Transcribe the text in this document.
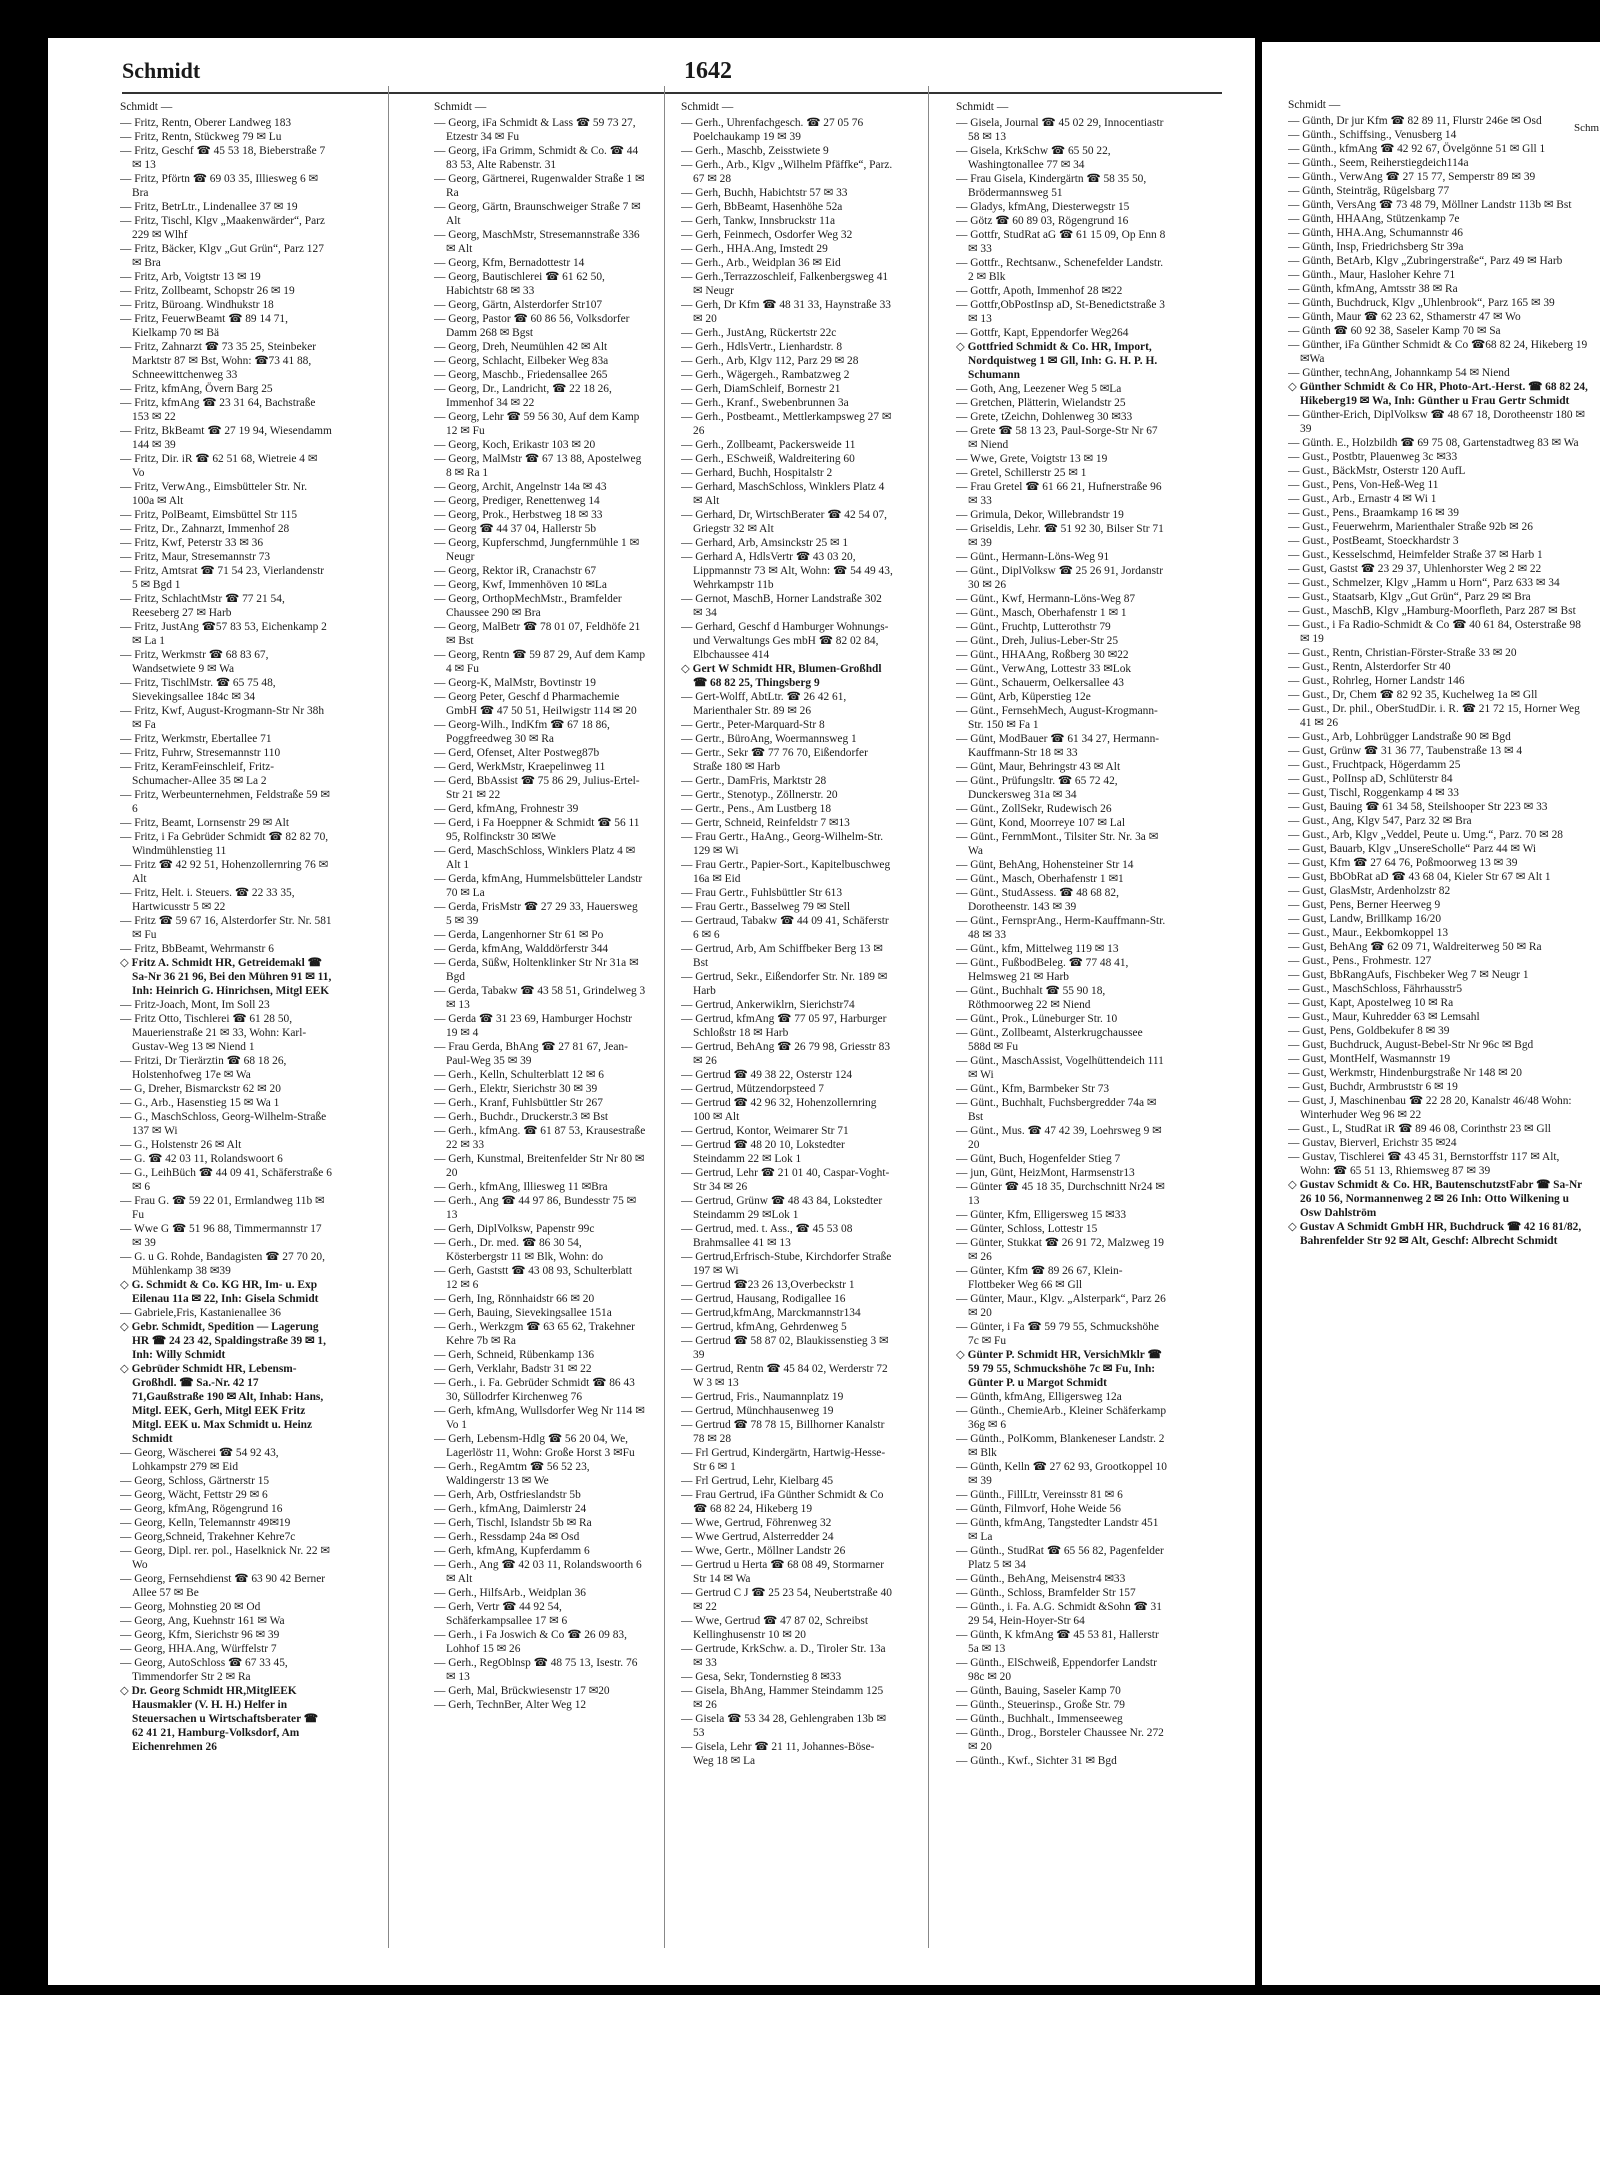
Schmidt	1642
Schmidt —
— Fritz, Rentn, Oberer Landweg 183
— Fritz, Rentn, Stückweg 79 ✉ Lu
— Fritz, Geschf ☎ 45 53 18, Bieberstraße 7 ✉ 13
— Fritz, Pförtn ☎ 69 03 35, Illiesweg 6 ✉ Bra
— Fritz, BetrLtr., Lindenallee 37 ✉ 19
— Fritz, Tischl, Klgv „Maakenwärder“, Parz 229 ✉ Wlhf
— Fritz, Bäcker, Klgv „Gut Grün“, Parz 127 ✉ Bra
— Fritz, Arb, Voigtstr 13 ✉ 19
— Fritz, Zollbeamt, Schopstr 26 ✉ 19
— Fritz, Büroang. Windhukstr 18
— Fritz, FeuerwBeamt ☎ 89 14 71, Kielkamp 70 ✉ Bä
— Fritz, Zahnarzt ☎ 73 35 25, Steinbeker Marktstr 87 ✉ Bst, Wohn: ☎73 41 88, Schneewittchenweg 33
— Fritz, kfmAng, Övern Barg 25
— Fritz, kfmAng ☎ 23 31 64, Bachstraße 153 ✉ 22
— Fritz, BkBeamt ☎ 27 19 94, Wiesendamm 144 ✉ 39
— Fritz, Dir. iR ☎ 62 51 68, Wietreie 4 ✉ Vo
— Fritz, VerwAng., Eimsbütteler Str. Nr. 100a ✉ Alt
— Fritz, PolBeamt, Eimsbüttel Str 115
— Fritz, Dr., Zahnarzt, Immenhof 28
— Fritz, Kwf, Peterstr 33 ✉ 36
— Fritz, Maur, Stresemannstr 73
— Fritz, Amtsrat ☎ 71 54 23, Vierlandenstr 5 ✉ Bgd 1
— Fritz, SchlachtMstr ☎ 77 21 54, Reeseberg 27 ✉ Harb
— Fritz, JustAng ☎57 83 53, Eichenkamp 2 ✉ La 1
— Fritz, Werkmstr ☎ 68 83 67, Wandsetwiete 9 ✉ Wa
— Fritz, TischlMstr. ☎ 65 75 48, Sievekingsallee 184c ✉ 34
— Fritz, Kwf, August-Krogmann-Str Nr 38h ✉ Fa
— Fritz, Werkmstr, Ebertallee 71
— Fritz, Fuhrw, Stresemannstr 110
— Fritz, KeramFeinschleif, Fritz-Schumacher-Allee 35 ✉ La 2
— Fritz, Werbeunternehmen, Feldstraße 59 ✉ 6
— Fritz, Beamt, Lornsenstr 29 ✉ Alt
— Fritz, i Fa Gebrüder Schmidt ☎ 82 82 70, Windmühlenstieg 11
— Fritz ☎ 42 92 51, Hohenzollernring 76 ✉ Alt
— Fritz, Helt. i. Steuers. ☎ 22 33 35, Hartwicusstr 5 ✉ 22
— Fritz ☎ 59 67 16, Alsterdorfer Str. Nr. 581 ✉ Fu
— Fritz, BbBeamt, Wehrmanstr 6
◇ Fritz A. Schmidt HR, Getreidemakl ☎ Sa-Nr 36 21 96, Bei den Mühren 91 ✉ 11, Inh: Heinrich G. Hinrichsen, Mitgl EEK
— Fritz-Joach, Mont, Im Soll 23
— Fritz Otto, Tischlerei ☎ 61 28 50, Mauerienstraße 21 ✉ 33, Wohn: Karl-Gustav-Weg 13 ✉ Niend 1
— Fritzi, Dr Tierärztin ☎ 68 18 26, Holstenhofweg 17e ✉ Wa
— G, Dreher, Bismarckstr 62 ✉ 20
— G., Arb., Hasenstieg 15 ✉ Wa 1
— G., MaschSchloss, Georg-Wilhelm-Straße 137 ✉ Wi
— G., Holstenstr 26 ✉ Alt
— G. ☎ 42 03 11, Rolandswoort 6
— G., LeihBüch ☎ 44 09 41, Schäferstraße 6 ✉ 6
— Frau G. ☎ 59 22 01, Ermlandweg 11b ✉ Fu
— Wwe G ☎ 51 96 88, Timmermannstr 17 ✉ 39
— G. u G. Rohde, Bandagisten ☎ 27 70 20, Mühlenkamp 38 ✉39
◇ G. Schmidt & Co. KG HR, Im- u. Exp Eilenau 11a ✉ 22, Inh: Gisela Schmidt
— Gabriele,Fris, Kastanienallee 36
◇ Gebr. Schmidt, Spedition — Lagerung HR ☎ 24 23 42, Spaldingstraße 39 ✉ 1, Inh: Willy Schmidt
◇ Gebrüder Schmidt HR, Lebensm-Großhdl. ☎ Sa.-Nr. 42 17 71,Gaußstraße 190 ✉ Alt, Inhab: Hans, Mitgl. EEK, Gerh, Mitgl EEK Fritz Mitgl. EEK u. Max Schmidt u. Heinz Schmidt
— Georg, Wäscherei ☎ 54 92 43, Lohkampstr 279 ✉ Eid
— Georg, Schloss, Gärtnerstr 15
— Georg, Wächt, Fettstr 29 ✉ 6
— Georg, kfmAng, Rögengrund 16
— Georg, Kelln, Telemannstr 49✉19
— Georg,Schneid, Trakehner Kehre7c
— Georg, Dipl. rer. pol., Haselknick Nr. 22 ✉ Wo
— Georg, Fernsehdienst ☎ 63 90 42 Berner Allee 57 ✉ Be
— Georg, Mohnstieg 20 ✉ Od
— Georg, Ang, Kuehnstr 161 ✉ Wa
— Georg, Kfm, Sierichstr 96 ✉ 39
— Georg, HHA.Ang, Würffelstr 7
— Georg, AutoSchloss ☎ 67 33 45, Timmendorfer Str 2 ✉ Ra
◇ Dr. Georg Schmidt HR,MitglEEK Hausmakler (V. H. H.) Helfer in Steuersachen u Wirtschaftsberater ☎ 62 41 21, Hamburg-Volksdorf, Am Eichenrehmen 26
Schmidt —
— Georg, iFa Schmidt & Lass ☎ 59 73 27, Etzestr 34 ✉ Fu
— Georg, iFa Grimm, Schmidt & Co. ☎ 44 83 53, Alte Rabenstr. 31
— Georg, Gärtnerei, Rugenwalder Straße 1 ✉ Ra
— Georg, Gärtn, Braunschweiger Straße 7 ✉ Alt
— Georg, MaschMstr, Stresemannstraße 336 ✉ Alt
— Georg, Kfm, Bernadottestr 14
— Georg, Bautischlerei ☎ 61 62 50, Habichtstr 68 ✉ 33
— Georg, Gärtn, Alsterdorfer Str107
— Georg, Pastor ☎ 60 86 56, Volksdorfer Damm 268 ✉ Bgst
— Georg, Dreh, Neumühlen 42 ✉ Alt
— Georg, Schlacht, Eilbeker Weg 83a
— Georg, Maschb., Friedensallee 265
— Georg, Dr., Landricht, ☎ 22 18 26, Immenhof 34 ✉ 22
— Georg, Lehr ☎ 59 56 30, Auf dem Kamp 12 ✉ Fu
— Georg, Koch, Erikastr 103 ✉ 20
— Georg, MalMstr ☎ 67 13 88, Apostelweg 8 ✉ Ra 1
— Georg, Archit, Angelnstr 14a ✉ 43
— Georg, Prediger, Renettenweg 14
— Georg, Prok., Herbstweg 18 ✉ 33
— Georg ☎ 44 37 04, Hallerstr 5b
— Georg, Kupferschmd, Jungfernmühle 1 ✉ Neugr
— Georg, Rektor iR, Cranachstr 67
— Georg, Kwf, Immenhöven 10 ✉La
— Georg, OrthopMechMstr., Bramfelder Chaussee 290 ✉ Bra
— Georg, MalBetr ☎ 78 01 07, Feldhöfe 21 ✉ Bst
— Georg, Rentn ☎ 59 87 29, Auf dem Kamp 4 ✉ Fu
— Georg-K, MalMstr, Bovtinstr 19
— Georg Peter, Geschf d Pharmachemie GmbH ☎ 47 50 51, Heilwigstr 114 ✉ 20
— Georg-Wilh., IndKfm ☎ 67 18 86, Poggfreedweg 30 ✉ Ra
— Gerd, Ofenset, Alter Postweg87b
— Gerd, WerkMstr, Kraepelinweg 11
— Gerd, BbAssist ☎ 75 86 29, Julius-Ertel-Str 21 ✉ 22
— Gerd, kfmAng, Frohnestr 39
— Gerd, i Fa Hoeppner & Schmidt ☎ 56 11 95, Rolfinckstr 30 ✉We
— Gerd, MaschSchloss, Winklers Platz 4 ✉ Alt 1
— Gerda, kfmAng, Hummelsbütteler Landstr 70 ✉ La
— Gerda, FrisMstr ☎ 27 29 33, Hauersweg 5 ✉ 39
— Gerda, Langenhorner Str 61 ✉ Po
— Gerda, kfmAng, Walddörferstr 344
— Gerda, Süßw, Holtenklinker Str Nr 31a ✉ Bgd
— Gerda, Tabakw ☎ 43 58 51, Grindelweg 3 ✉ 13
— Gerda ☎ 31 23 69, Hamburger Hochstr 19 ✉ 4
— Frau Gerda, BhAng ☎ 27 81 67, Jean-Paul-Weg 35 ✉ 39
— Gerh., Kelln, Schulterblatt 12 ✉ 6
— Gerh., Elektr, Sierichstr 30 ✉ 39
— Gerh., Kranf, Fuhlsbüttler Str 267
— Gerh., Buchdr., Druckerstr.3 ✉ Bst
— Gerh., kfmAng. ☎ 61 87 53, Krausestraße 22 ✉ 33
— Gerh, Kunstmal, Breitenfelder Str Nr 80 ✉ 20
— Gerh., kfmAng, Illiesweg 11 ✉Bra
— Gerh., Ang ☎ 44 97 86, Bundesstr 75 ✉ 13
— Gerh, DiplVolksw, Papenstr 99c
— Gerh., Dr. med. ☎ 86 30 54, Kösterbergstr 11 ✉ Blk, Wohn: do
— Gerh, Gaststt ☎ 43 08 93, Schulterblatt 12 ✉ 6
— Gerh, Ing, Rönnhaidstr 66 ✉ 20
— Gerh, Bauing, Sievekingsallee 151a
— Gerh., Werkzgm ☎ 63 65 62, Trakehner Kehre 7b ✉ Ra
— Gerh, Schneid, Rübenkamp 136
— Gerh, Verklahr, Badstr 31 ✉ 22
— Gerh., i. Fa. Gebrüder Schmidt ☎ 86 43 30, Süllodrfer Kirchenweg 76
— Gerh, kfmAng, Wullsdorfer Weg Nr 114 ✉ Vo 1
— Gerh, Lebensm-Hdlg ☎ 56 20 04, We, Lagerlöstr 11, Wohn: Große Horst 3 ✉Fu
— Gerh., RegAmtm ☎ 56 52 23, Waldingerstr 13 ✉ We
— Gerh, Arb, Ostfrieslandstr 5b
— Gerh., kfmAng, Daimlerstr 24
— Gerh, Tischl, Islandstr 5b ✉ Ra
— Gerh., Ressdamp 24a ✉ Osd
— Gerh, kfmAng, Kupferdamm 6
— Gerh., Ang ☎ 42 03 11, Rolandswoorth 6 ✉ Alt
— Gerh., HilfsArb., Weidplan 36
— Gerh, Vertr ☎ 44 92 54, Schäferkampsallee 17 ✉ 6
— Gerh., i Fa Joswich & Co ☎ 26 09 83, Lohhof 15 ✉ 26
— Gerh., RegOblnsp ☎ 48 75 13, Isestr. 76 ✉ 13
— Gerh, Mal, Brückwiesenstr 17 ✉20
— Gerh, TechnBer, Alter Weg 12
Schmidt —
— Gerh., Uhrenfachgesch. ☎ 27 05 76 Poelchaukamp 19 ✉ 39
— Gerh., Maschb, Zeisstwiete 9
— Gerh., Arb., Klgv „Wilhelm Pfäffke“, Parz. 67 ✉ 28
— Gerh, Buchh, Habichtstr 57 ✉ 33
— Gerh, BbBeamt, Hasenhöhe 52a
— Gerh, Tankw, Innsbruckstr 11a
— Gerh, Feinmech, Osdorfer Weg 32
— Gerh., HHA.Ang, Imstedt 29
— Gerh., Arb., Weidplan 36 ✉ Eid
— Gerh.,Terrazzoschleif, Falkenbergsweg 41 ✉ Neugr
— Gerh, Dr Kfm ☎ 48 31 33, Haynstraße 33 ✉ 20
— Gerh., JustAng, Rückertstr 22c
— Gerh., HdlsVertr., Lienhardstr. 8
— Gerh., Arb, Klgv 112, Parz 29 ✉ 28
— Gerh., Wägergeh., Rambatzweg 2
— Gerh, DiamSchleif, Bornestr 21
— Gerh., Kranf., Swebenbrunnen 3a
— Gerh., Postbeamt., Mettlerkampsweg 27 ✉ 26
— Gerh., Zollbeamt, Packersweide 11
— Gerh., ESchweiß, Waldreitering 60
— Gerhard, Buchh, Hospitalstr 2
— Gerhard, MaschSchloss, Winklers Platz 4 ✉ Alt
— Gerhard, Dr, WirtschBerater ☎ 42 54 07, Griegstr 32 ✉ Alt
— Gerhard, Arb, Amsinckstr 25 ✉ 1
— Gerhard A, HdlsVertr ☎ 43 03 20, Lippmannstr 73 ✉ Alt, Wohn: ☎ 54 49 43, Wehrkampstr 11b
— Gernot, MaschB, Horner Landstraße 302 ✉ 34
— Gerhard, Geschf d Hamburger Wohnungs- und Verwaltungs Ges mbH ☎ 82 02 84, Elbchaussee 414
◇ Gert W Schmidt HR, Blumen-Großhdl ☎ 68 82 25, Thingsberg 9
— Gert-Wolff, AbtLtr. ☎ 26 42 61, Marienthaler Str. 89 ✉ 26
— Gertr., Peter-Marquard-Str 8
— Gertr., BüroAng, Woermannsweg 1
— Gertr., Sekr ☎ 77 76 70, Eißendorfer Straße 180 ✉ Harb
— Gertr., DamFris, Marktstr 28
— Gertr., Stenotyp., Zöllnerstr. 20
— Gertr., Pens., Am Lustberg 18
— Gertr, Schneid, Reinfeldstr 7 ✉13
— Frau Gertr., HaAng., Georg-Wilhelm-Str. 129 ✉ Wi
— Frau Gertr., Papier-Sort., Kapitelbuschweg 16a ✉ Eid
— Frau Gertr., Fuhlsbüttler Str 613
— Frau Gertr., Basselweg 79 ✉ Stell
— Gertraud, Tabakw ☎ 44 09 41, Schäferstr 6 ✉ 6
— Gertrud, Arb, Am Schiffbeker Berg 13 ✉ Bst
— Gertrud, Sekr., Eißendorfer Str. Nr. 189 ✉ Harb
— Gertrud, Ankerwiklrn, Sierichstr74
— Gertrud, kfmAng ☎ 77 05 97, Harburger Schloßstr 18 ✉ Harb
— Gertrud, BehAng ☎ 26 79 98, Griesstr 83 ✉ 26
— Gertrud ☎ 49 38 22, Osterstr 124
— Gertrud, Mützendorpsteed 7
— Gertrud ☎ 42 96 32, Hohenzollernring 100 ✉ Alt
— Gertrud, Kontor, Weimarer Str 71
— Gertrud ☎ 48 20 10, Lokstedter Steindamm 22 ✉ Lok 1
— Gertrud, Lehr ☎ 21 01 40, Caspar-Voght-Str 34 ✉ 26
— Gertrud, Grünw ☎ 48 43 84, Lokstedter Steindamm 29 ✉Lok 1
— Gertrud, med. t. Ass., ☎ 45 53 08 Brahmsallee 41 ✉ 13
— Gertrud,Erfrisch-Stube, Kirchdorfer Straße 197 ✉ Wi
— Gertrud ☎23 26 13,Overbeckstr 1
— Gertrud, Hausang, Rodigallee 16
— Gertrud,kfmAng, Marckmannstr134
— Gertrud, kfmAng, Gehrdenweg 5
— Gertrud ☎ 58 87 02, Blaukissenstieg 3 ✉ 39
— Gertrud, Rentn ☎ 45 84 02, Werderstr 72 W 3 ✉ 13
— Gertrud, Fris., Naumannplatz 19
— Gertrud, Münchhausenweg 19
— Gertrud ☎ 78 78 15, Billhorner Kanalstr 78 ✉ 28
— Frl Gertrud, Kindergärtn, Hartwig-Hesse-Str 6 ✉ 1
— Frl Gertrud, Lehr, Kielbarg 45
— Frau Gertrud, iFa Günther Schmidt & Co ☎ 68 82 24, Hikeberg 19
— Wwe, Gertrud, Föhrenweg 32
— Wwe Gertrud, Alsterredder 24
— Wwe, Gertr., Möllner Landstr 26
— Gertrud u Herta ☎ 68 08 49, Stormarner Str 14 ✉ Wa
— Gertrud C J ☎ 25 23 54, Neubertstraße 40 ✉ 22
— Wwe, Gertrud ☎ 47 87 02, Schreibst Kellinghusenstr 10 ✉ 20
— Gertrude, KrkSchw. a. D., Tiroler Str. 13a ✉ 33
— Gesa, Sekr, Tondernstieg 8 ✉33
— Gisela, BhAng, Hammer Steindamm 125 ✉ 26
— Gisela ☎ 53 34 28, Gehlengraben 13b ✉ 53
— Gisela, Lehr ☎ 21 11, Johannes-Böse-Weg 18 ✉ La
Schmidt —
— Gisela, Journal ☎ 45 02 29, Innocentiastr 58 ✉ 13
— Gisela, KrkSchw ☎ 65 50 22, Washingtonallee 77 ✉ 34
— Frau Gisela, Kindergärtn ☎ 58 35 50, Brödermannsweg 51
— Gladys, kfmAng, Diesterwegstr 15
— Götz ☎ 60 89 03, Rögengrund 16
— Gottfr, StudRat aG ☎ 61 15 09, Op Enn 8 ✉ 33
— Gottfr., Rechtsanw., Schenefelder Landstr. 2 ✉ Blk
— Gottfr, Apoth, Immenhof 28 ✉22
— Gottfr,ObPostInsp aD, St-Benedictstraße 3 ✉ 13
— Gottfr, Kapt, Eppendorfer Weg264
◇ Gottfried Schmidt & Co. HR, Import, Nordquistweg 1 ✉ Gll, Inh: G. H. P. H. Schumann
— Goth, Ang, Leezener Weg 5 ✉La
— Gretchen, Plätterin, Wielandstr 25
— Grete, tZeichn, Dohlenweg 30 ✉33
— Grete ☎ 58 13 23, Paul-Sorge-Str Nr 67 ✉ Niend
— Wwe, Grete, Voigtstr 13 ✉ 19
— Gretel, Schillerstr 25 ✉ 1
— Frau Gretel ☎ 61 66 21, Hufnerstraße 96 ✉ 33
— Grimula, Dekor, Willebrandstr 19
— Griseldis, Lehr. ☎ 51 92 30, Bilser Str 71 ✉ 39
— Günt., Hermann-Löns-Weg 91
— Günt., DiplVolksw ☎ 25 26 91, Jordanstr 30 ✉ 26
— Günt., Kwf, Hermann-Löns-Weg 87
— Günt., Masch, Oberhafenstr 1 ✉ 1
— Günt., Fruchtp, Lutterothstr 79
— Günt., Dreh, Julius-Leber-Str 25
— Günt., HHAAng, Roßberg 30 ✉22
— Günt., VerwAng, Lottestr 33 ✉Lok
— Günt., Schauerm, Oelkersallee 43
— Günt, Arb, Küperstieg 12e
— Günt., FernsehMech, August-Krogmann-Str. 150 ✉ Fa 1
— Günt, ModBauer ☎ 61 34 27, Hermann-Kauffmann-Str 18 ✉ 33
— Günt, Maur, Behringstr 43 ✉ Alt
— Günt., Prüfungsltr. ☎ 65 72 42, Dunckersweg 31a ✉ 34
— Günt., ZollSekr, Rudewisch 26
— Günt, Kond, Moorreye 107 ✉ Lal
— Günt., FernmMont., Tilsiter Str. Nr. 3a ✉ Wa
— Günt, BehAng, Hohensteiner Str 14
— Günt., Masch, Oberhafenstr 1 ✉1
— Günt., StudAssess. ☎ 48 68 82, Dorotheenstr. 143 ✉ 39
— Günt., FernsprAng., Herm-Kauffmann-Str. 48 ✉ 33
— Günt., kfm, Mittelweg 119 ✉ 13
— Günt., FußbodBeleg. ☎ 77 48 41, Helmsweg 21 ✉ Harb
— Günt., Buchhalt ☎ 55 90 18, Röthmoorweg 22 ✉ Niend
— Günt., Prok., Lüneburger Str. 10
— Günt., Zollbeamt, Alsterkrugchaussee 588d ✉ Fu
— Günt., MaschAssist, Vogelhüttendeich 111 ✉ Wi
— Günt., Kfm, Barmbeker Str 73
— Günt., Buchhalt, Fuchsbergredder 74a ✉ Bst
— Günt., Mus. ☎ 47 42 39, Loehrsweg 9 ✉ 20
— Günt, Buch, Hogenfelder Stieg 7
— jun, Günt, HeizMont, Harmsenstr13
— Günter ☎ 45 18 35, Durchschnitt Nr24 ✉ 13
— Günter, Kfm, Elligersweg 15 ✉33
— Günter, Schloss, Lottestr 15
— Günter, Stukkat ☎ 26 91 72, Malzweg 19 ✉ 26
— Günter, Kfm ☎ 89 26 67, Klein-Flottbeker Weg 66 ✉ Gll
— Günter, Maur., Klgv. „Alsterpark“, Parz 26 ✉ 20
— Günter, i Fa ☎ 59 79 55, Schmuckshöhe 7c ✉ Fu
◇ Günter P. Schmidt HR, VersichMklr ☎ 59 79 55, Schmuckshöhe 7c ✉ Fu, Inh: Günter P. u Margot Schmidt
— Günth, kfmAng, Elligersweg 12a
— Günth., ChemieArb., Kleiner Schäferkamp 36g ✉ 6
— Günth., PolKomm, Blankeneser Landstr. 2 ✉ Blk
— Günth, Kelln ☎ 27 62 93, Grootkoppel 10 ✉ 39
— Günth., FillLtr, Vereinsstr 81 ✉ 6
— Günth, Filmvorf, Hohe Weide 56
— Günth, kfmAng, Tangstedter Landstr 451 ✉ La
— Günth., StudRat ☎ 65 56 82, Pagenfelder Platz 5 ✉ 34
— Günth., BehAng, Meisenstr4 ✉33
— Günth., Schloss, Bramfelder Str 157
— Günth., i. Fa. A.G. Schmidt &Sohn ☎ 31 29 54, Hein-Hoyer-Str 64
— Günth, K kfmAng ☎ 45 53 81, Hallerstr 5a ✉ 13
— Günth., ElSchweiß, Eppendorfer Landstr 98c ✉ 20
— Günth, Bauing, Saseler Kamp 70
— Günth., Steuerinsp., Große Str. 79
— Günth., Buchhalt., Immenseeweg
— Günth., Drog., Borsteler Chaussee Nr. 272 ✉ 20
— Günth., Kwf., Sichter 31 ✉ Bgd
Schm
Schmidt —
— Günth, Dr jur Kfm ☎ 82 89 11, Flurstr 246e ✉ Osd
— Günth., Schiffsing., Venusberg 14
— Günth., kfmAng ☎ 42 92 67, Övelgönne 51 ✉ Gll 1
— Günth., Seem, Reiherstiegdeich114a
— Günth., VerwAng ☎ 27 15 77, Semperstr 89 ✉ 39
— Günth, Steinträg, Rügelsbarg 77
— Günth, VersAng ☎ 73 48 79, Möllner Landstr 113b ✉ Bst
— Günth, HHAAng, Stützenkamp 7e
— Günth, HHA.Ang, Schumannstr 46
— Günth, Insp, Friedrichsberg Str 39a
— Günth, BetArb, Klgv „Zubringerstraße“, Parz 49 ✉ Harb
— Günth., Maur, Hasloher Kehre 71
— Günth, kfmAng, Amtsstr 38 ✉ Ra
— Günth, Buchdruck, Klgv „Uhlenbrook“, Parz 165 ✉ 39
— Günth, Maur ☎ 62 23 62, Sthamerstr 47 ✉ Wo
— Günth ☎ 60 92 38, Saseler Kamp 70 ✉ Sa
— Günther, iFa Günther Schmidt & Co ☎68 82 24, Hikeberg 19✉Wa
— Günther, technAng, Johannkamp 54 ✉ Niend
◇ Günther Schmidt & Co HR, Photo-Art.-Herst. ☎ 68 82 24, Hikeberg19 ✉ Wa, Inh: Günther u Frau Gertr Schmidt
— Günther-Erich, DiplVolksw ☎ 48 67 18, Dorotheenstr 180 ✉ 39
— Günth. E., Holzbildh ☎ 69 75 08, Gartenstadtweg 83 ✉ Wa
— Gust., Postbtr, Plauenweg 3c ✉33
— Gust., BäckMstr, Osterstr 120 AufL
— Gust., Pens, Von-Heß-Weg 11
— Gust., Arb., Ernastr 4 ✉ Wi 1
— Gust., Pens., Braamkamp 16 ✉ 39
— Gust., Feuerwehrm, Marienthaler Straße 92b ✉ 26
— Gust., PostBeamt, Stoeckhardstr 3
— Gust., Kesselschmd, Heimfelder Straße 37 ✉ Harb 1
— Gust, Gastst ☎ 23 29 37, Uhlenhorster Weg 2 ✉ 22
— Gust., Schmelzer, Klgv „Hamm u Horn“, Parz 633 ✉ 34
— Gust., Staatsarb, Klgv „Gut Grün“, Parz 29 ✉ Bra
— Gust., MaschB, Klgv „Hamburg-Moorfleth, Parz 287 ✉ Bst
— Gust., i Fa Radio-Schmidt & Co ☎ 40 61 84, Osterstraße 98 ✉ 19
— Gust., Rentn, Christian-Förster-Straße 33 ✉ 20
— Gust., Rentn, Alsterdorfer Str 40
— Gust., Rohrleg, Horner Landstr 146
— Gust., Dr, Chem ☎ 82 92 35, Kuchelweg 1a ✉ Gll
— Gust., Dr. phil., OberStudDir. i. R. ☎ 21 72 15, Horner Weg 41 ✉ 26
— Gust., Arb, Lohbrügger Landstraße 90 ✉ Bgd
— Gust, Grünw ☎ 31 36 77, Taubenstraße 13 ✉ 4
— Gust., Fruchtpack, Högerdamm 25
— Gust., PolInsp aD, Schlüterstr 84
— Gust, Tischl, Roggenkamp 4 ✉ 33
— Gust, Bauing ☎ 61 34 58, Steilshooper Str 223 ✉ 33
— Gust., Ang, Klgv 547, Parz 32 ✉ Bra
— Gust., Arb, Klgv „Veddel, Peute u. Umg.“, Parz. 70 ✉ 28
— Gust, Bauarb, Klgv „UnsereScholle“ Parz 44 ✉ Wi
— Gust, Kfm ☎ 27 64 76, Poßmoorweg 13 ✉ 39
— Gust, BbObRat aD ☎ 43 68 04, Kieler Str 67 ✉ Alt 1
— Gust, GlasMstr, Ardenholzstr 82
— Gust, Pens, Berner Heerweg 9
— Gust, Landw, Brillkamp 16/20
— Gust., Maur., Eekbomkoppel 13
— Gust, BehAng ☎ 62 09 71, Waldreiterweg 50 ✉ Ra
— Gust., Pens., Frohmestr. 127
— Gust, BbRangAufs, Fischbeker Weg 7 ✉ Neugr 1
— Gust., MaschSchloss, Fährhausstr5
— Gust, Kapt, Apostelweg 10 ✉ Ra
— Gust., Maur, Kuhredder 63 ✉ Lemsahl
— Gust, Pens, Goldbekufer 8 ✉ 39
— Gust, Buchdruck, August-Bebel-Str Nr 96c ✉ Bgd
— Gust, MontHelf, Wasmannstr 19
— Gust, Werkmstr, Hindenburgstraße Nr 148 ✉ 20
— Gust, Buchdr, Armbruststr 6 ✉ 19
— Gust, J, Maschinenbau ☎ 22 28 20, Kanalstr 46/48 Wohn: Winterhuder Weg 96 ✉ 22
— Gust., L, StudRat iR ☎ 89 46 08, Corinthstr 23 ✉ Gll
— Gustav, Bierverl, Erichstr 35 ✉24
— Gustav, Tischlerei ☎ 43 45 31, Bernstorffstr 117 ✉ Alt, Wohn: ☎ 65 51 13, Rhiemsweg 87 ✉ 39
◇ Gustav Schmidt & Co. HR, BautenschutzstFabr ☎ Sa-Nr 26 10 56, Normannenweg 2 ✉ 26 Inh: Otto Wilkening u Osw Dahlström
◇ Gustav A Schmidt GmbH HR, Buchdruck ☎ 42 16 81/82, Bahrenfelder Str 92 ✉ Alt, Geschf: Albrecht Schmidt
